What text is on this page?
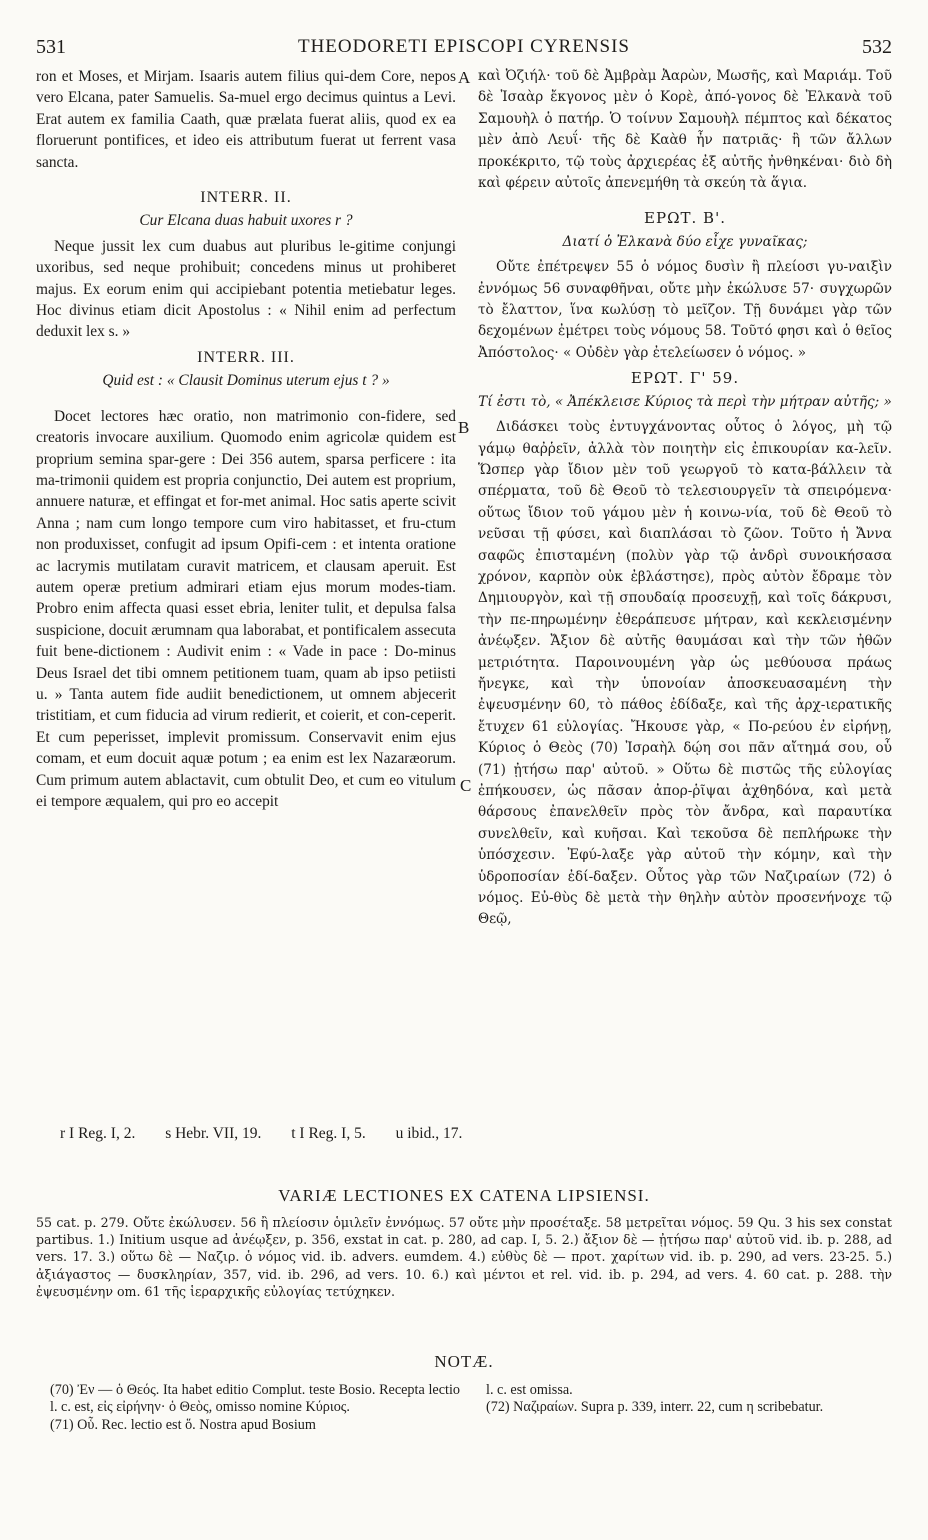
531	THEODORETI EPISCOPI CYRENSIS	532

ron et Moses, et Mirjam. Isaaris autem filius qui-dem Core, nepos vero Elcana, pater Samuelis. Sa-muel ergo decimus quintus a Levi. Erat autem ex familia Caath, quæ prælata fuerat aliis, quod ex ea floruerunt pontifices, et ideo eis attributum fuerat ut ferrent vasa sancta.

INTERR. II.

Cur Elcana duas habuit uxores r ?

Neque jussit lex cum duabus aut pluribus le-gitime conjungi uxoribus, sed neque prohibuit; concedens minus ut prohiberet majus. Ex eorum enim qui accipiebant potentia metiebatur leges. Hoc divinus etiam dicit Apostolus : « Nihil enim ad perfectum deduxit lex s. »

INTERR. III.

Quid est : « Clausit Dominus uterum ejus t ? »

Docet lectores hæc oratio, non matrimonio con-fidere, sed creatoris invocare auxilium. Quomodo enim agricolæ quidem est proprium semina spar-gere : Dei 356 autem, sparsa perficere : ita ma-trimonii quidem est propria conjunctio, Dei autem est proprium, annuere naturæ, et effingat et for-met animal. Hoc satis aperte scivit Anna ; nam cum longo tempore cum viro habitasset, et fru-ctum non produxisset, confugit ad ipsum Opifi-cem : et intenta oratione ac lacrymis mutilatam curavit matricem, et clausam aperuit. Est autem operæ pretium admirari etiam ejus morum modes-tiam. Probro enim affecta quasi esset ebria, leniter tulit, et depulsa falsa suspicione, docuit ærumnam qua laborabat, et pontificalem assecuta fuit bene-dictionem : Audivit enim : « Vade in pace : Do-minus Deus Israel det tibi omnem petitionem tuam, quam ab ipso petiisti u. » Tanta autem fide audiit benedictionem, ut omnem abjecerit tristitiam, et cum fiducia ad virum redierit, et coierit, et con-ceperit. Et cum peperisset, implevit promissum. Conservavit enim ejus comam, et eum docuit aquæ potum ; ea enim est lex Nazaræorum. Cum primum autem ablactavit, cum obtulit Deo, et cum eo vitulum ei tempore æqualem, qui pro eo accepit

A
B
C

καὶ Ὀζιήλ· τοῦ δὲ Ἀμβρὰμ Ἀαρὼν, Μωσῆς, καὶ Μαριάμ. Τοῦ δὲ Ἰσαὰρ ἔκγονος μὲν ὁ Κορὲ, ἀπό-γονος δὲ Ἐλκανὰ τοῦ Σαμουὴλ ὁ πατήρ. Ὁ τοίνυν Σαμουὴλ πέμπτος καὶ δέκατος μὲν ἀπὸ Λευΐ· τῆς δὲ Καὰθ ἦν πατριᾶς· ἣ τῶν ἄλλων προκέκριτο, τῷ τοὺς ἀρχιερέας ἐξ αὐτῆς ἠνθηκέναι· διὸ δὴ καὶ φέρειν αὐτοῖς ἀπενεμήθη τὰ σκεύη τὰ ἅγια.

ΕΡΩΤ. Β'.

Διατί ὁ Ἐλκανὰ δύο εἶχε γυναῖκας;

Οὔτε ἐπέτρεψεν 55 ὁ νόμος δυσὶν ἢ πλείοσι γυ-ναιξὶν ἐννόμως 56 συναφθῆναι, οὔτε μὴν ἐκώλυσε 57· συγχωρῶν τὸ ἔλαττον, ἵνα κωλύσῃ τὸ μεῖζον. Τῇ δυνάμει γὰρ τῶν δεχομένων ἐμέτρει τοὺς νόμους 58. Τοῦτό φησι καὶ ὁ θεῖος Ἀπόστολος· « Οὐδὲν γὰρ ἐτελείωσεν ὁ νόμος. »

ΕΡΩΤ. Γ' 59.

Τί ἐστι τὸ, « Ἀπέκλεισε Κύριος τὰ περὶ τὴν μήτραν αὐτῆς; »

Διδάσκει τοὺς ἐντυγχάνοντας οὗτος ὁ λόγος, μὴ τῷ γάμῳ θαῤῥεῖν, ἀλλὰ τὸν ποιητὴν εἰς ἐπικουρίαν κα-λεῖν. Ὥσπερ γὰρ ἴδιον μὲν τοῦ γεωργοῦ τὸ κατα-βάλλειν τὰ σπέρματα, τοῦ δὲ Θεοῦ τὸ τελεσιουργεῖν τὰ σπειρόμενα· οὕτως ἴδιον τοῦ γάμου μὲν ἡ κοινω-νία, τοῦ δὲ Θεοῦ τὸ νεῦσαι τῇ φύσει, καὶ διαπλάσαι τὸ ζῶον. Τοῦτο ἡ Ἄννα σαφῶς ἐπισταμένη (πολὺν γὰρ τῷ ἀνδρὶ συνοικήσασα χρόνον, καρπὸν οὐκ ἐβλάστησε), πρὸς αὐτὸν ἔδραμε τὸν Δημιουργὸν, καὶ τῇ σπουδαίᾳ προσευχῇ, καὶ τοῖς δάκρυσι, τὴν πε-πηρωμένην ἐθεράπευσε μήτραν, καὶ κεκλεισμένην ἀνέῳξεν. Ἄξιον δὲ αὐτῆς θαυμάσαι καὶ τὴν τῶν ἠθῶν μετριότητα. Παροινουμένη γὰρ ὡς μεθύουσα πράως ἤνεγκε, καὶ τὴν ὑπονοίαν ἀποσκευασαμένη τὴν ἐψευσμένην 60, τὸ πάθος ἐδίδαξε, καὶ τῆς ἀρχ-ιερατικῆς ἔτυχεν 61 εὐλογίας. Ἤκουσε γὰρ, « Πο-ρεύου ἐν εἰρήνῃ, Κύριος ὁ Θεὸς (70) Ἰσραὴλ δῴη σοι πᾶν αἴτημά σου, οὗ (71) ᾐτήσω παρ' αὐτοῦ. » Οὕτω δὲ πιστῶς τῆς εὐλογίας ἐπήκουσεν, ὡς πᾶσαν ἀπορ-ῥῖψαι ἀχθηδόνα, καὶ μετὰ θάρσους ἐπανελθεῖν πρὸς τὸν ἄνδρα, καὶ παραυτίκα συνελθεῖν, καὶ κυῆσαι. Καὶ τεκοῦσα δὲ πεπλήρωκε τὴν ὑπόσχεσιν. Ἐφύ-λαξε γὰρ αὐτοῦ τὴν κόμην, καὶ τὴν ὑδροποσίαν ἐδί-δαξεν. Οὗτος γὰρ τῶν Ναζιραίων (72) ὁ νόμος. Εὐ-θὺς δὲ μετὰ τὴν θηλὴν αὐτὸν προσενήνοχε τῷ Θεῷ,

r I Reg. I, 2. s Hebr. VII, 19. t I Reg. I, 5. u ibid., 17.
VARIÆ LECTIONES EX CATENA LIPSIENSI.

55 cat. p. 279. Οὔτε ἐκώλυσεν. 56 ἢ πλείοσιν ὁμιλεῖν ἐννόμως. 57 οὔτε μὴν προσέταξε. 58 μετρεῖται νόμος. 59 Qu. 3 his sex constat partibus. 1.) Initium usque ad ἀνέῳξεν, p. 356, exstat in cat. p. 280, ad cap. I, 5. 2.) ἄξιον δὲ — ᾐτήσω παρ' αὐτοῦ vid. ib. p. 288, ad vers. 17. 3.) οὕτω δὲ — Ναζιρ. ὁ νόμος vid. ib. advers. eumdem. 4.) εὐθὺς δὲ — προτ. χαρίτων vid. ib. p. 290, ad vers. 23-25. 5.) ἀξιάγαστος — δυσκληρίαν, 357, vid. ib. 296, ad vers. 10. 6.) καὶ μέντοι et rel. vid. ib. p. 294, ad vers. 4. 60 cat. p. 288. τὴν ἐψευσμένην om. 61 τῆς ἱεραρχικῆς εὐλογίας τετύχηκεν.

NOTÆ.

(70) Ἐν — ὁ Θεός. Ita habet editio Complut. teste Bosio. Recepta lectio l. c. est, εἰς εἰρήνην· ὁ Θεὸς, omisso nomine Κύριος.

(71) Οὗ. Rec. lectio est ὅ. Nostra apud Bosium

l. c. est omissa.

(72) Ναζιραίων. Supra p. 339, interr. 22, cum η scribebatur.
